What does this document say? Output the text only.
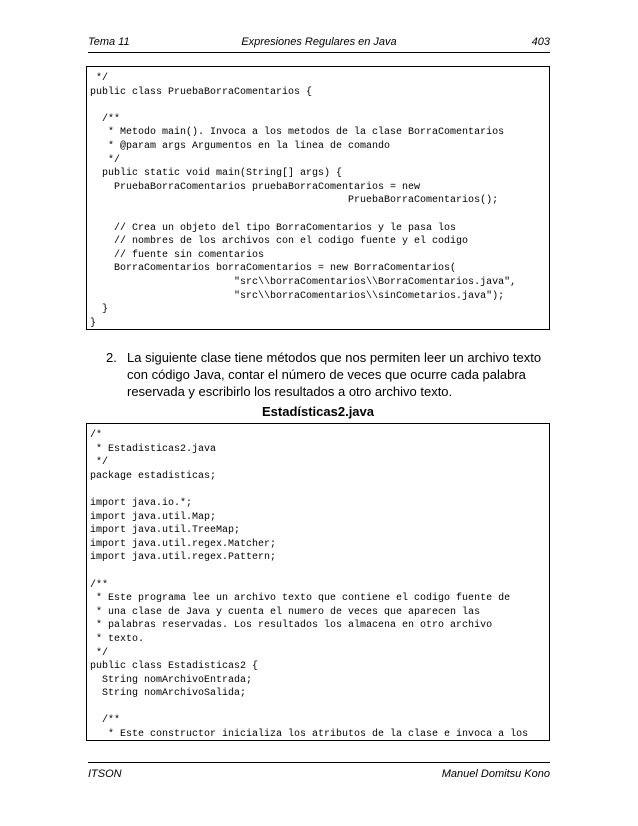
Tema 11	Expresiones Regulares en Java	403
*/
public class PruebaBorraComentarios {
/**
* Metodo main(). Invoca a los metodos de la clase BorraComentarios
* @param args Argumentos en la linea de comando
*/
public static void main(String[] args) {
PruebaBorraComentarios pruebaBorraComentarios = new
PruebaBorraComentarios();
// Crea un objeto del tipo BorraComentarios y le pasa los
// nombres de los archivos con el codigo fuente y el codigo
// fuente sin comentarios
BorraComentarios borraComentarios = new BorraComentarios(
"src\\borraComentarios\\BorraComentarios.java",
"src\\borraComentarios\\sinCometarios.java");
}
}
2. La siguiente clase tiene métodos que nos permiten leer un archivo texto con código Java, contar el número de veces que ocurre cada palabra reservada y escribirlo los resultados a otro archivo texto.
Estadísticas2.java
/*
* Estadisticas2.java
*/
package estadisticas;
import java.io.*;
import java.util.Map;
import java.util.TreeMap;
import java.util.regex.Matcher;
import java.util.regex.Pattern;
/**
* Este programa lee un archivo texto que contiene el codigo fuente de
* una clase de Java y cuenta el numero de veces que aparecen las
* palabras reservadas. Los resultados los almacena en otro archivo
* texto.
*/
public class Estadisticas2 {
String nomArchivoEntrada;
String nomArchivoSalida;
/**
* Este constructor inicializa los atributos de la clase e invoca a los
ITSON	Manuel Domitsu Kono
